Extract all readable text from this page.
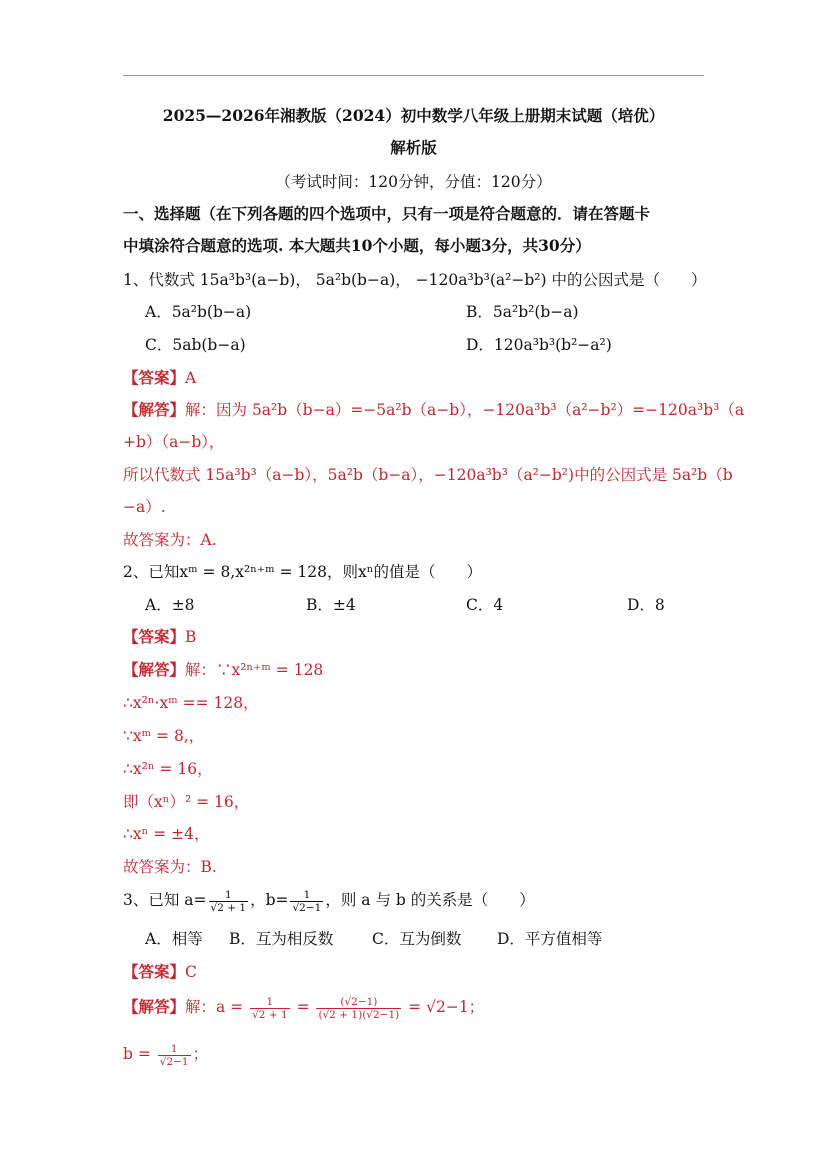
2025—2026年湘教版（2024）初中数学八年级上册期末试题（培优）
解析版
（考试时间：120分钟，分值：120分）
一、选择题（在下列各题的四个选项中，只有一项是符合题意的．请在答题卡
中填涂符合题意的选项. 本大题共10个小题，每小题3分，共30分）
1、代数式 15a³b³(a−b)， 5a²b(b−a)， −120a³b³(a²−b²) 中的公因式是（　　）
A．5a²b(b−a)	B．5a²b²(b−a)
C．5ab(b−a)	D．120a³b³(b²−a²)
【答案】A
【解答】解：因为 5a²b（b−a）=−5a²b（a−b），−120a³b³（a²−b²）=−120a³b³（a
+b）（a−b），
所以代数式 15a³b³（a−b），5a²b（b−a），−120a³b³（a²−b²)中的公因式是 5a²b（b
−a）.
故答案为：A.
2、已知xᵐ = 8,x²ⁿ⁺ᵐ = 128，则xⁿ的值是（　　）
A．±8	B．±4	C．4	D．8
【答案】B
【解答】解：∵x²ⁿ⁺ᵐ = 128
∴x²ⁿ·xᵐ == 128，
∵xᵐ = 8,，
∴x²ⁿ = 16，
即（xⁿ）² = 16，
∴xⁿ = ±4，
故答案为：B.
3、已知 $a= \frac{1}{√2 + 1}$ ，$b= \frac{1}{√2-1}$ ，则 a 与 b 的关系是（　　）
A．相等 B．互为相反数 C．互为倒数 D．平方值相等
【答案】C
【解答】解：$a = \frac{1}{√2 + 1} = \frac{(√2-1)}{(√2 + 1)(√2-1)} = √2-1$；
$b = \frac{1}{√2-1}$ ；
